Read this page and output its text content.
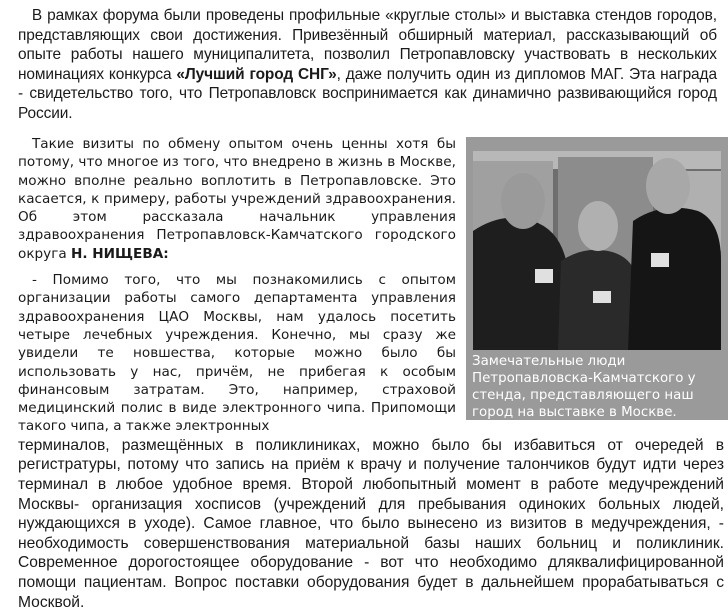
В рамках форума были проведены профильные «круглые столы» и выставка стендов городов, представляющих свои достижения. Привезённый обширный материал, рассказывающий об опыте работы нашего муниципалитета, позволил Петропавловску участвовать в нескольких номинациях конкурса «Лучший город СНГ», даже получить один из дипломов МАГ. Эта награда - свидетельство того, что Петропавловск воспринимается как динамично развивающийся город России.

Замечательные люди Петропавловска-Камчатского у стенда, представляющего наш город на выставке в Москве.

Такие визиты по обмену опытом очень ценны хотя бы потому, что многое из того, что внедрено в жизнь в Москве, можно вполне реально воплотить в Петропавловске. Это касается, к примеру, работы учреждений здравоохранения. Об этом рассказала начальник управления здравоохранения Петропавловск-Камчатского городского округа Н. НИЩЕВА:

- Помимо того, что мы познакомились с опытом организации работы самого департамента управления здравоохранения ЦАО Москвы, нам удалось посетить четыре лечебных учреждения. Конечно, мы сразу же увидели те новшества, которые можно было бы использовать у нас, причём, не прибегая к особым финансовым затратам. Это, например, страховой медицинский полис в виде электронного чипа. Припомощи такого чипа, а также электронных

терминалов, размещённых в поликлиниках, можно было бы избавиться от очередей в регистратуры, потому что запись на приём к врачу и получение талончиков будут идти через терминал в любое удобное время. Второй любопытный момент в работе медучреждений Москвы- организация хосписов (учреждений для пребывания одиноких больных людей, нуждающихся в уходе). Самое главное, что было вынесено из визитов в медучреждения, - необходимость совершенствования материальной базы наших больниц и поликлиник. Современное дорогостоящее оборудование - вот что необходимо дляквалифицированной помощи пациентам. Вопрос поставки оборудования будет в дальнейшем прорабатываться с Москвой.
